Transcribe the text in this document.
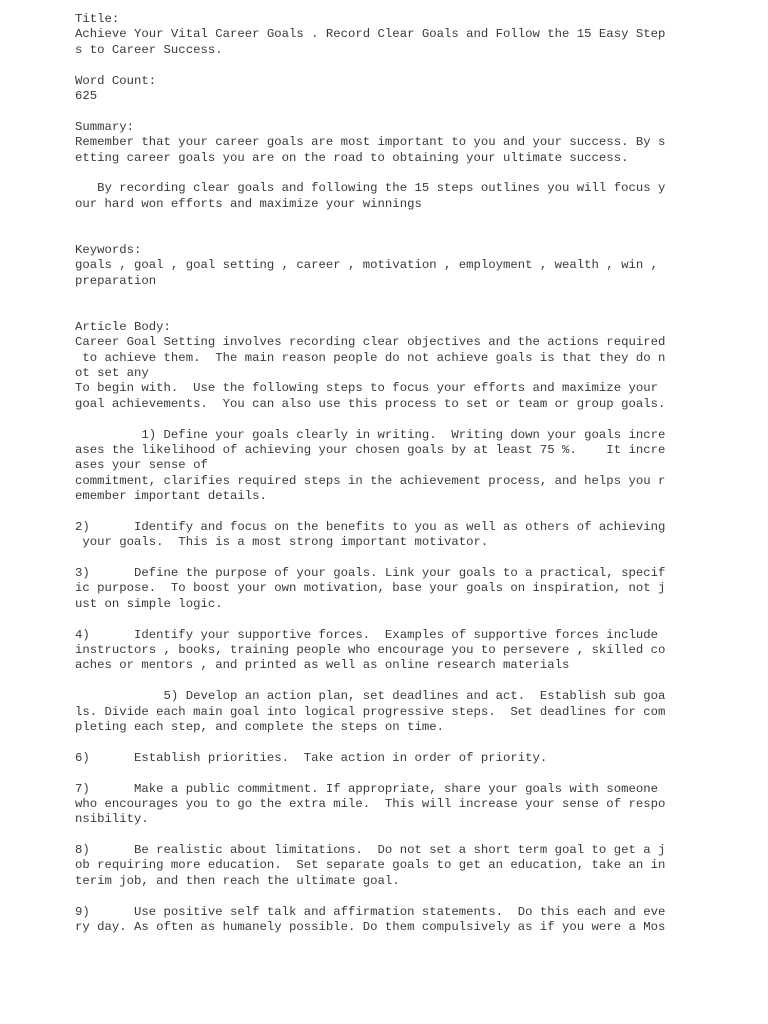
Title:
Achieve Your Vital Career Goals . Record Clear Goals and Follow the 15 Easy Step
s to Career Success.

Word Count:
625

Summary:
Remember that your career goals are most important to you and your success. By s
etting career goals you are on the road to obtaining your ultimate success.

By recording clear goals and following the 15 steps outlines you will focus y
our hard won efforts and maximize your winnings

Keywords:
goals , goal , goal setting , career , motivation , employment , wealth , win ,
preparation

Article Body:
Career Goal Setting involves recording clear objectives and the actions required
to achieve them.  The main reason people do not achieve goals is that they do n
ot set any
To begin with.  Use the following steps to focus your efforts and maximize your
goal achievements.  You can also use this process to set or team or group goals.

1) Define your goals clearly in writing.  Writing down your goals incre
ases the likelihood of achieving your chosen goals by at least 75 %.    It incre
ases your sense of
commitment, clarifies required steps in the achievement process, and helps you r
emember important details.

2)      Identify and focus on the benefits to you as well as others of achieving
your goals.  This is a most strong important motivator.

3)      Define the purpose of your goals. Link your goals to a practical, specif
ic purpose.  To boost your own motivation, base your goals on inspiration, not j
ust on simple logic.

4)      Identify your supportive forces.  Examples of supportive forces include
instructors , books, training people who encourage you to persevere , skilled co
aches or mentors , and printed as well as online research materials

5) Develop an action plan, set deadlines and act.  Establish sub goa
ls. Divide each main goal into logical progressive steps.  Set deadlines for com
pleting each step, and complete the steps on time.

6)      Establish priorities.  Take action in order of priority.

7)      Make a public commitment. If appropriate, share your goals with someone
who encourages you to go the extra mile.  This will increase your sense of respo
nsibility.

8)      Be realistic about limitations.  Do not set a short term goal to get a j
ob requiring more education.  Set separate goals to get an education, take an in
terim job, and then reach the ultimate goal.

9)      Use positive self talk and affirmation statements.  Do this each and eve
ry day. As often as humanely possible. Do them compulsively as if you were a Mos
